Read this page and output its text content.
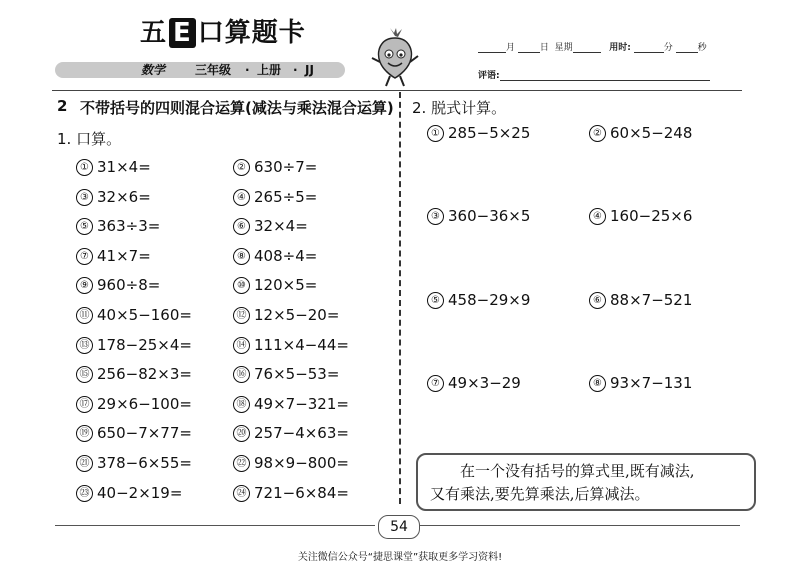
五 E 口算题卡
数学 三年级 · 上册 · JJ
月	日 星期	用时:	分	秒
评语:
2 不带括号的四则混合运算(减法与乘法混合运算)
1. 口算。
① 31×4=	② 630÷7=
③ 32×6=	④ 265÷5=
⑤ 363÷3=	⑥ 32×4=
⑦ 41×7=	⑧ 408÷4=
⑨ 960÷8=	⑩ 120×5=
⑪ 40×5−160=	⑫ 12×5−20=
⑬ 178−25×4=	⑭ 111×4−44=
⑮ 256−82×3=	⑯ 76×5−53=
⑰ 29×6−100=	⑱ 49×7−321=
⑲ 650−7×77=	⑳ 257−4×63=
㉑ 378−6×55=	㉒ 98×9−800=
㉓ 40−2×19=	㉔ 721−6×84=
2. 脱式计算。
① 285−5×25	② 60×5−248
③ 360−36×5	④ 160−25×6
⑤ 458−29×9	⑥ 88×7−521
⑦ 49×3−29	⑧ 93×7−131
在一个没有括号的算式里,既有减法,
又有乘法,要先算乘法,后算减法。
54
关注微信公众号“捷思课堂”获取更多学习资料!
